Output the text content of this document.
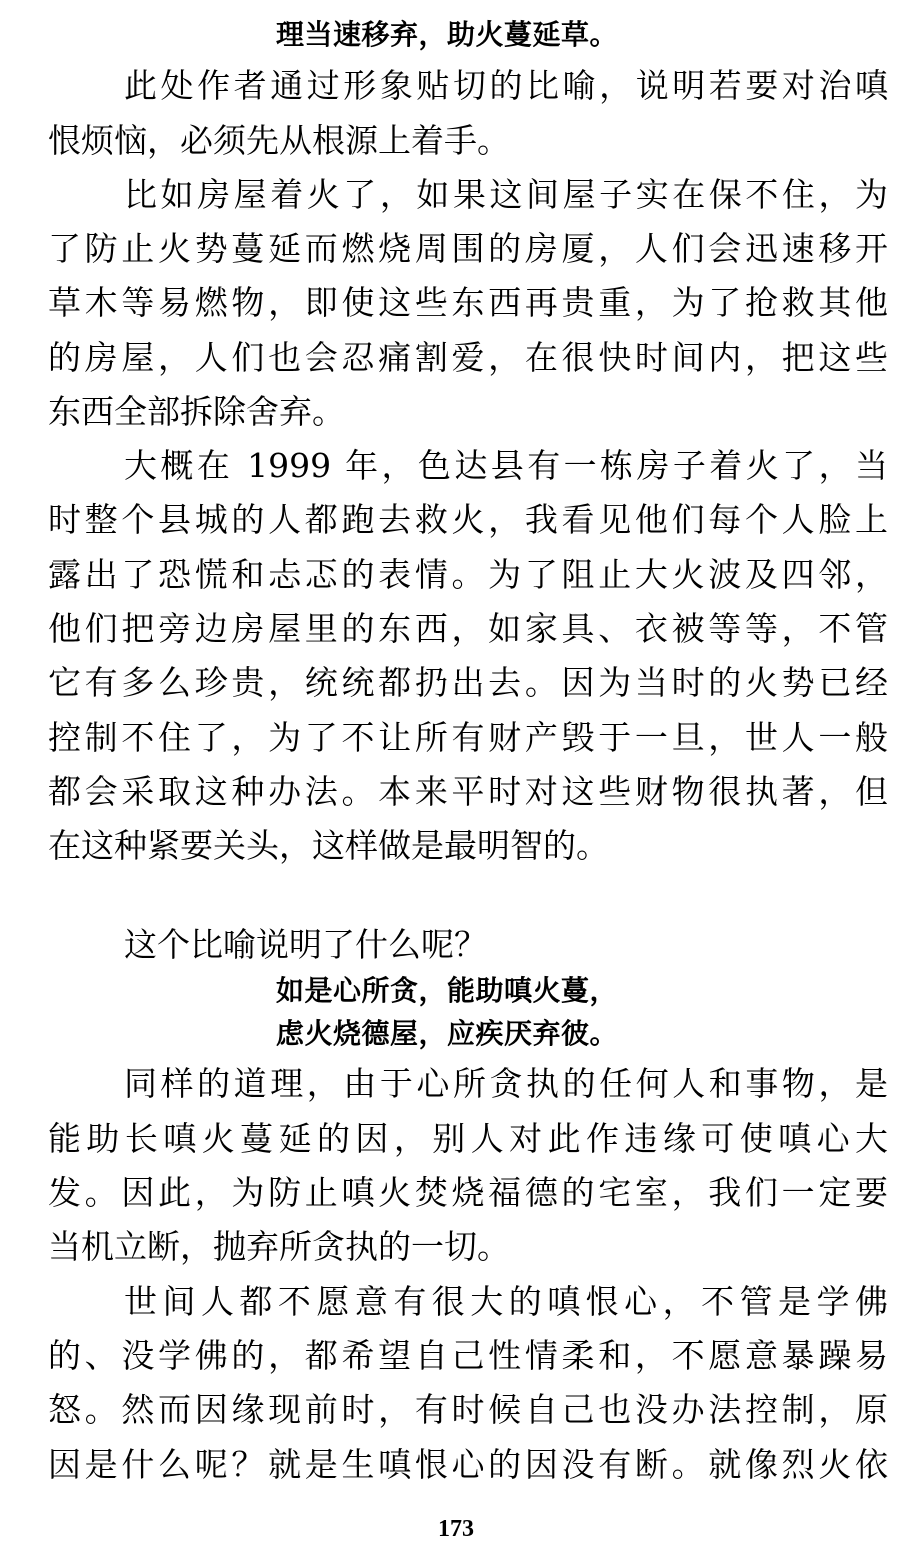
理当速移弃，助火蔓延草。
此处作者通过形象贴切的比喻，说明若要对治嗔
恨烦恼，必须先从根源上着手。
比如房屋着火了，如果这间屋子实在保不住，为
了防止火势蔓延而燃烧周围的房厦，人们会迅速移开
草木等易燃物，即使这些东西再贵重，为了抢救其他
的房屋，人们也会忍痛割爱，在很快时间内，把这些
东西全部拆除舍弃。
大概在 1999 年，色达县有一栋房子着火了，当
时整个县城的人都跑去救火，我看见他们每个人脸上
露出了恐慌和忐忑的表情。为了阻止大火波及四邻，
他们把旁边房屋里的东西，如家具、衣被等等，不管
它有多么珍贵，统统都扔出去。因为当时的火势已经
控制不住了，为了不让所有财产毁于一旦，世人一般
都会采取这种办法。本来平时对这些财物很执著，但
在这种紧要关头，这样做是最明智的。
这个比喻说明了什么呢？
如是心所贪，能助嗔火蔓，
虑火烧德屋，应疾厌弃彼。
同样的道理，由于心所贪执的任何人和事物，是
能助长嗔火蔓延的因，别人对此作违缘可使嗔心大
发。因此，为防止嗔火焚烧福德的宅室，我们一定要
当机立断，抛弃所贪执的一切。
世间人都不愿意有很大的嗔恨心，不管是学佛
的、没学佛的，都希望自己性情柔和，不愿意暴躁易
怒。然而因缘现前时，有时候自己也没办法控制，原
因是什么呢？就是生嗔恨心的因没有断。就像烈火依
173
